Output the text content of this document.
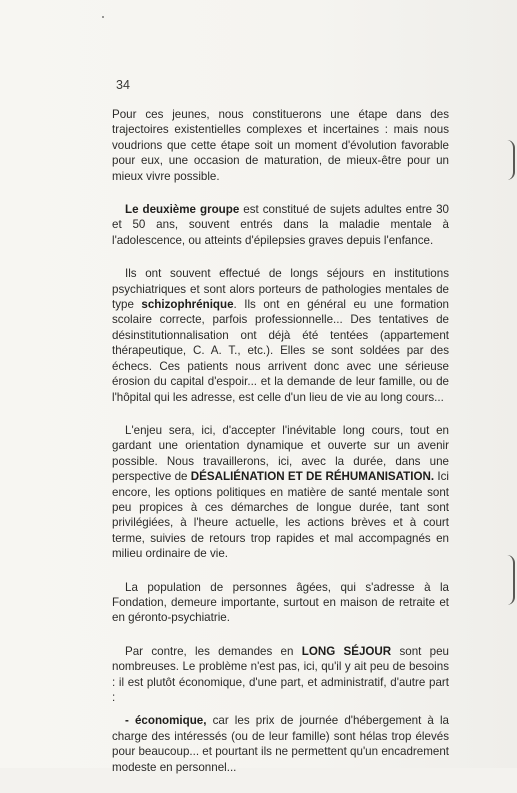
34

Pour ces jeunes, nous constituerons une étape dans des trajectoires existentielles complexes et incertaines : mais nous voudrions que cette étape soit un moment d'évolution favorable pour eux, une occasion de maturation, de mieux-être pour un mieux vivre possible.

Le deuxième groupe est constitué de sujets adultes entre 30 et 50 ans, souvent entrés dans la maladie mentale à l'adolescence, ou atteints d'épilepsies graves depuis l'enfance.

Ils ont souvent effectué de longs séjours en institutions psychiatriques et sont alors porteurs de pathologies mentales de type schizophrénique. Ils ont en général eu une formation scolaire correcte, parfois professionnelle... Des tentatives de désinstitutionnalisation ont déjà été tentées (appartement thérapeutique, C. A. T., etc.). Elles se sont soldées par des échecs. Ces patients nous arrivent donc avec une sérieuse érosion du capital d'espoir... et la demande de leur famille, ou de l'hôpital qui les adresse, est celle d'un lieu de vie au long cours...

L'enjeu sera, ici, d'accepter l'inévitable long cours, tout en gardant une orientation dynamique et ouverte sur un avenir possible. Nous travaillerons, ici, avec la durée, dans une perspective de DÉSALIÉNATION ET DE RÉHUMANISATION. Ici encore, les options politiques en matière de santé mentale sont peu propices à ces démarches de longue durée, tant sont privilégiées, à l'heure actuelle, les actions brèves et à court terme, suivies de retours trop rapides et mal accompagnés en milieu ordinaire de vie.

La population de personnes âgées, qui s'adresse à la Fondation, demeure importante, surtout en maison de retraite et en géronto-psychiatrie.

Par contre, les demandes en LONG SÉJOUR sont peu nombreuses. Le problème n'est pas, ici, qu'il y ait peu de besoins : il est plutôt économique, d'une part, et administratif, d'autre part :

- économique, car les prix de journée d'hébergement à la charge des intéressés (ou de leur famille) sont hélas trop élevés pour beaucoup... et pourtant ils ne permettent qu'un encadrement modeste en personnel...
